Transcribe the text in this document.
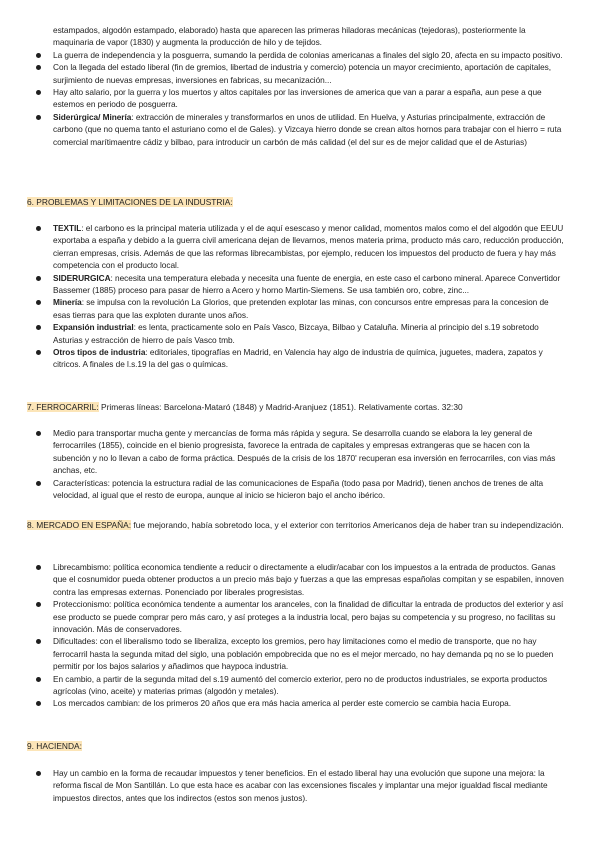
estampados, algodón estampado, elaborado) hasta que aparecen las primeras hiladoras mecánicas (tejedoras), posteriormente la maquinaria de vapor (1830) y augmenta la producción de hilo y de tejidos.
La guerra de independencia y la posguerra, sumando la perdida de colonias americanas a finales del siglo 20, afecta en su impacto positivo.
Con la llegada del estado liberal (fin de gremios, libertad de industria y comercio) potencia un mayor crecimiento, aportación de capitales, surjimiento de nuevas empresas, inversiones en fabricas, su mecanización...
Hay alto salario, por la guerra y los muertos y altos capitales por las inversiones de america que van a parar a españa, aun pese a que estemos en periodo de posguerra.
Siderúrgica/ Minería: extracción de minerales y transformarlos en unos de utilidad. En Huelva, y Asturias principalmente, extracción de carbono (que no quema tanto el asturiano como el de Gales). y Vizcaya hierro donde se crean altos hornos para trabajar con el hierro = ruta comercial marítimaentre cádiz y bilbao, para introducir un carbón de más calidad (el del sur es de mejor calidad que el de Asturias)
6. PROBLEMAS Y LIMITACIONES DE LA INDUSTRIA:
TEXTIL: el carbono es la principal materia utilizada y el de aquí esescaso y menor calidad, momentos malos como el del algodón que EEUU exportaba a españa y debido a la guerra civil americana dejan de llevarnos, menos materia prima, producto más caro, reducción producción, cierran empresas, crisis. Además de que las reformas librecambistas, por ejemplo, reducen los impuestos del producto de fuera y hay más competencia con el producto local.
SIDERURGICA: necesita una temperatura elebada y necesita una fuente de energia, en este caso el carbono mineral. Aparece Convertidor Bassemer (1885) proceso para pasar de hierro a Acero y horno Martin-Siemens. Se usa también oro, cobre, zinc...
Minería: se impulsa con la revolución La Glorios, que pretenden explotar las minas, con concursos entre empresas para la concesion de esas tierras para que las exploten durante unos años.
Expansión industrial: es lenta, practicamente solo en País Vasco, Bizcaya, Bilbao y Cataluña. Mineria al principio del s.19 sobretodo Asturias y estracción de hierro de país Vasco tmb.
Otros tipos de industria: editoriales, tipografías en Madrid, en Valencia hay algo de industria de química, juguetes, madera, zapatos y citricos. A finales de l.s.19 la del gas o químicas.
7. FERROCARRIL: Primeras líneas: Barcelona-Mataró (1848) y Madrid-Aranjuez (1851). Relativamente cortas. 32:30
Medio para transportar mucha gente y mercancías de forma más rápida y segura. Se desarrolla cuando se elabora la ley general de ferrocarriles (1855), coincide en el bienio progresista, favorece la entrada de capitales y empresas extrangeras que se hacen con la subención y no lo llevan a cabo de forma práctica. Después de la crisis de los 1870' recuperan esa inversión en ferrocarriles, con vias más anchas, etc.
Características: potencia la estructura radial de las comunicaciones de España (todo pasa por Madrid), tienen anchos de trenes de alta velocidad, al igual que el resto de europa, aunque al inicio se hicieron bajo el ancho ibérico.
8. MERCADO EN ESPAÑA: fue mejorando, había sobretodo loca, y el exterior con territorios Americanos deja de haber tran su independización.
Librecambismo: política economica tendiente a reducir o directamente a eludir/acabar con los impuestos a la entrada de productos. Ganas que el cosnumidor pueda obtener productos a un precio más bajo y fuerzas a que las empresas españolas compitan y se espabilen, innoven contra las empresas externas. Ponenciado por liberales progresistas.
Proteccionismo: política económica tendente a aumentar los aranceles, con la finalidad de dificultar la entrada de productos del exterior y así ese producto se puede comprar pero más caro, y así proteges a la industria local, pero bajas su competencia y su progreso, no facilitas su innovación. Más de conservadores.
Dificultades: con el liberalismo todo se liberaliza, excepto los gremios, pero hay limitaciones como el medio de transporte, que no hay ferrocarril hasta la segunda mitad del siglo, una población empobrecida que no es el mejor mercado, no hay demanda pq no se lo pueden permitir por los bajos salarios y añadimos que haypoca industria.
En cambio, a partir de la segunda mitad del s.19 aumentó del comercio exterior, pero no de productos industriales, se exporta productos agrícolas (vino, aceite) y materias primas (algodón y metales).
Los mercados cambian: de los primeros 20 años que era más hacia america al perder este comercio se cambia hacia Europa.
9. HACIENDA:
Hay un cambio en la forma de recaudar impuestos y tener beneficios. En el estado liberal hay una evolución que supone una mejora: la reforma fiscal de Mon Santillán. Lo que esta hace es acabar con las excensiones fiscales y implantar una mejor igualdad fiscal mediante impuestos directos, antes que los indirectos (estos son menos justos).
